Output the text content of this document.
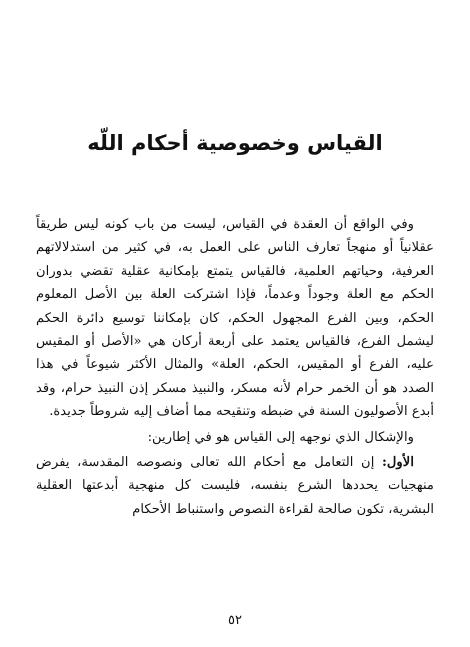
القياس وخصوصية أحكام اللّه

وفي الواقع أن العقدة في القياس، ليست من باب كونه ليس طريقاً عقلانياً أو منهجاً تعارف الناس على العمل به، في كثير من استدلالاتهم العرفية، وحياتهم العلمية، فالقياس يتمتع بإمكانية عقلية تقضي بدوران الحكم مع العلة وجوداً وعدماً، فإذا اشتركت العلة بين الأصل المعلوم الحكم، وبين الفرع المجهول الحكم، كان بإمكاننا توسيع دائرة الحكم ليشمل الفرع، فالقياس يعتمد على أربعة أركان هي «الأصل أو المقيس عليه، الفرع أو المقيس، الحكم، العلة» والمثال الأكثر شيوعاً في هذا الصدد هو أن الخمر حرام لأنه مسكر، والنبيذ مسكر إذن النبيذ حرام، وقد أبدع الأصوليون السنة في ضبطه وتنقيحه مما أضاف إليه شروطاً جديدة.

والإشكال الذي نوجهه إلى القياس هو في إطارين:

الأول: إن التعامل مع أحكام الله تعالى ونصوصه المقدسة، يفرض منهجيات يحددها الشرع بنفسه، فليست كل منهجية أبدعتها العقلية البشرية، تكون صالحة لقراءة النصوص واستنباط الأحكام

٥٢
